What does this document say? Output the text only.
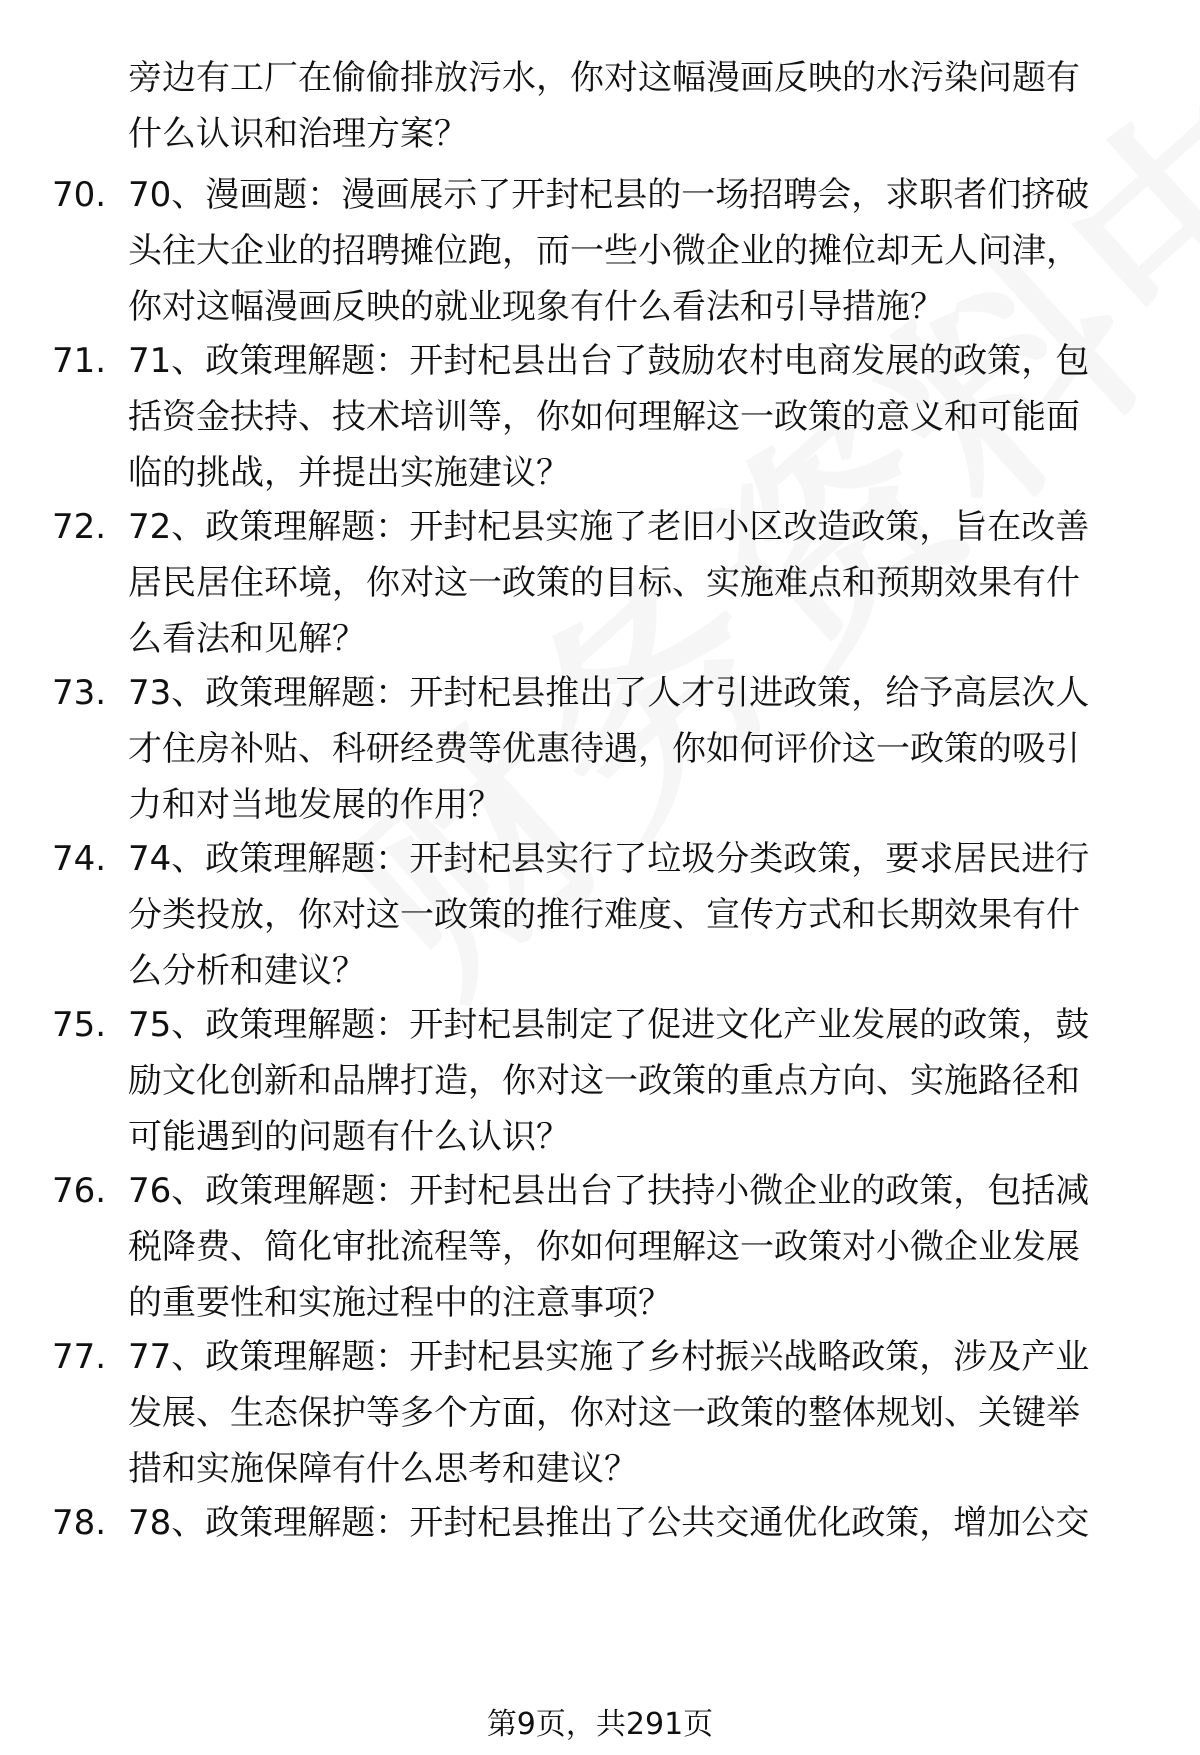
旁边有工厂在偷偷排放污水，你对这幅漫画反映的水污染问题有
什么认识和治理方案？
70. 70、漫画题：漫画展示了开封杞县的一场招聘会，求职者们挤破
头往大企业的招聘摊位跑，而一些小微企业的摊位却无人问津，
你对这幅漫画反映的就业现象有什么看法和引导措施？
71. 71、政策理解题：开封杞县出台了鼓励农村电商发展的政策，包
括资金扶持、技术培训等，你如何理解这一政策的意义和可能面
临的挑战，并提出实施建议？
72. 72、政策理解题：开封杞县实施了老旧小区改造政策，旨在改善
居民居住环境，你对这一政策的目标、实施难点和预期效果有什
么看法和见解？
73. 73、政策理解题：开封杞县推出了人才引进政策，给予高层次人
才住房补贴、科研经费等优惠待遇，你如何评价这一政策的吸引
力和对当地发展的作用？
74. 74、政策理解题：开封杞县实行了垃圾分类政策，要求居民进行
分类投放，你对这一政策的推行难度、宣传方式和长期效果有什
么分析和建议？
75. 75、政策理解题：开封杞县制定了促进文化产业发展的政策，鼓
励文化创新和品牌打造，你对这一政策的重点方向、实施路径和
可能遇到的问题有什么认识？
76. 76、政策理解题：开封杞县出台了扶持小微企业的政策，包括减
税降费、简化审批流程等，你如何理解这一政策对小微企业发展
的重要性和实施过程中的注意事项？
77. 77、政策理解题：开封杞县实施了乡村振兴战略政策，涉及产业
发展、生态保护等多个方面，你对这一政策的整体规划、关键举
措和实施保障有什么思考和建议？
78. 78、政策理解题：开封杞县推出了公共交通优化政策，增加公交
第9页，共291页
